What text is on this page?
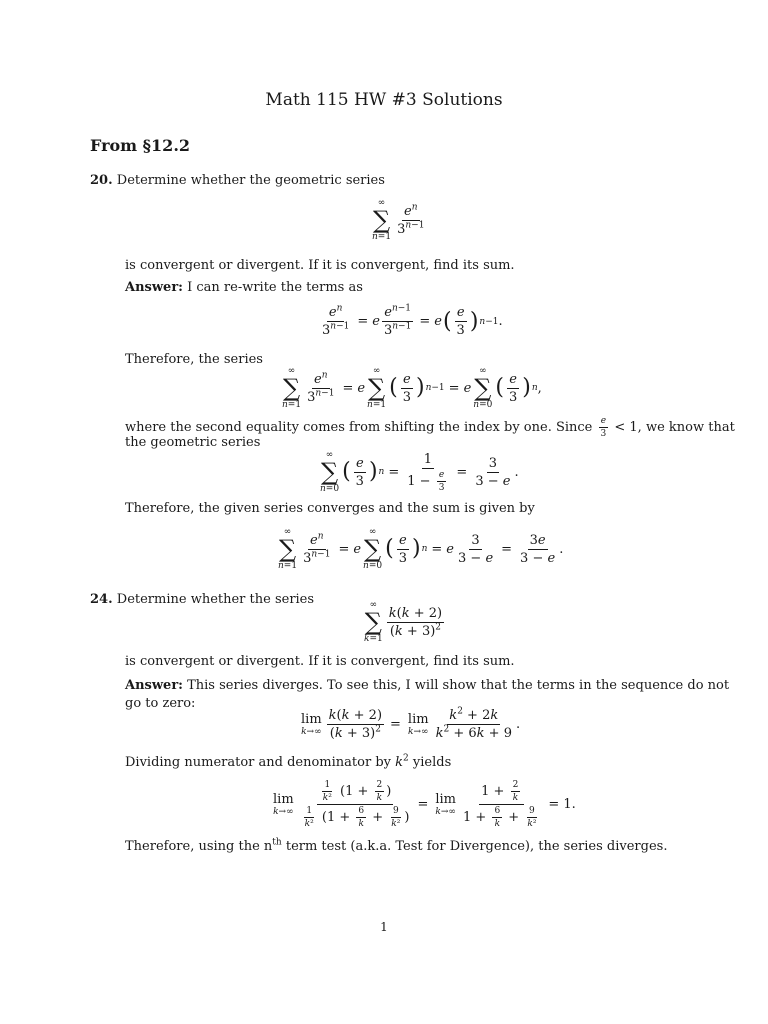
Math 115 HW #3 Solutions
From §12.2
20. Determine whether the geometric series
∞
∑
n=1
$\frac{e^n}{3^{n-1}}$
is convergent or divergent. If it is convergent, find its sum.
Answer: I can re-write the terms as
$\frac{e^n}{3^{n-1}} = e \frac{e^{n-1}}{3^{n-1}} = e$ ( $\frac{e}{3}$ ) n−1 .
Therefore, the series
∞
∑
n=1
$\frac{e^n}{3^{n-1}} = e$
∞
∑
n=1
( $\frac{e}{3}$ ) n−1 = e
∞
∑
n=0
( $\frac{e}{3}$ ) n ,
where the second equality comes from shifting the index by one. Since $\frac{e}{3} < 1$, we know that
the geometric series
∞
∑
n=0
( $\frac{e}{3}$ ) $n = \frac{1}{1 - \frac{e}{3}} = \frac{3}{3 - e}$ .
Therefore, the given series converges and the sum is given by
∞
∑
n=1
$\frac{e^n}{3^{n-1}} = e$
∞
∑
n=0
( $\frac{e}{3}$ ) n = e $\frac{3}{3 - e} = \frac{3e}{3 - e}$ .
24. Determine whether the series	∞
∑
k=1
$\frac{k(k + 2)}{(k + 3)^2}$
is convergent or divergent. If it is convergent, find its sum.
Answer: This series diverges. To see this, I will show that the terms in the sequence do not
go to zero:
lim
$k\to\infty \frac{k(k + 2)}{(k + 3)^2} = \lim$
$k\to\infty \frac{k^2 + 2k}{k^2 + 6k + 9}$ .
Dividing numerator and denominator by $k^2$ yields
lim
$k\to\infty \frac{\frac{1}{\text{k²}} (1 + \frac{2}{k} )}{\frac{1}{\text{k²}} (1 + \frac{6}{k} + \frac{9}{\text{k²}} )} = \lim$
$k\to\infty \frac{1 + \frac{2}{k}}{1 + \frac{6}{k} + \frac{9}{\text{k²}}} = 1$.
Therefore, using the $n^{th}$ term test (a.k.a. Test for Divergence), the series diverges.
1
